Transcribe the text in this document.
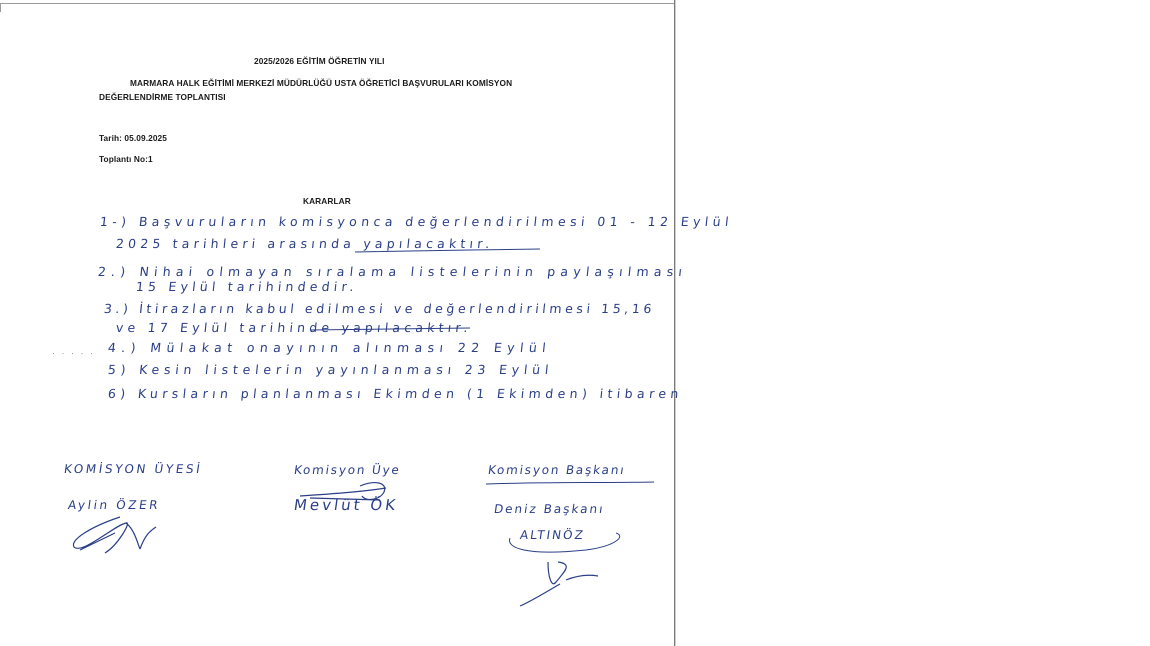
2025/2026 EĞİTİM ÖĞRETİN YILI
MARMARA HALK EĞİTİMİ MERKEZİ MÜDÜRLÜĞÜ USTA ÖĞRETİCİ BAŞVURULARI KOMİSYON
DEĞERLENDİRME TOPLANTISI
Tarih: 05.09.2025
Toplantı No:1
KARARLAR
1-) Başvuruların komisyonca değerlendirilmesi 01 - 12 Eylül
2025 tarihleri arasında yapılacaktır.
2.) Nihai olmayan sıralama listelerinin paylaşılması
15 Eylül tarihindedir.
3.) İtirazların kabul edilmesi ve değerlendirilmesi 15,16
ve 17 Eylül tarihinde yapılacaktır.
· · · · · 4.) Mülakat onayının alınması 22 Eylül
5) Kesin listelerin yayınlanması 23 Eylül
6) Kursların planlanması Ekimden (1 Ekimden) itibaren
KOMİSYON ÜYESİ
Aylin ÖZER
Komisyon Üye
Mevlüt ÖK
Komisyon Başkanı
Deniz Başkanı
ALTINÖZ
